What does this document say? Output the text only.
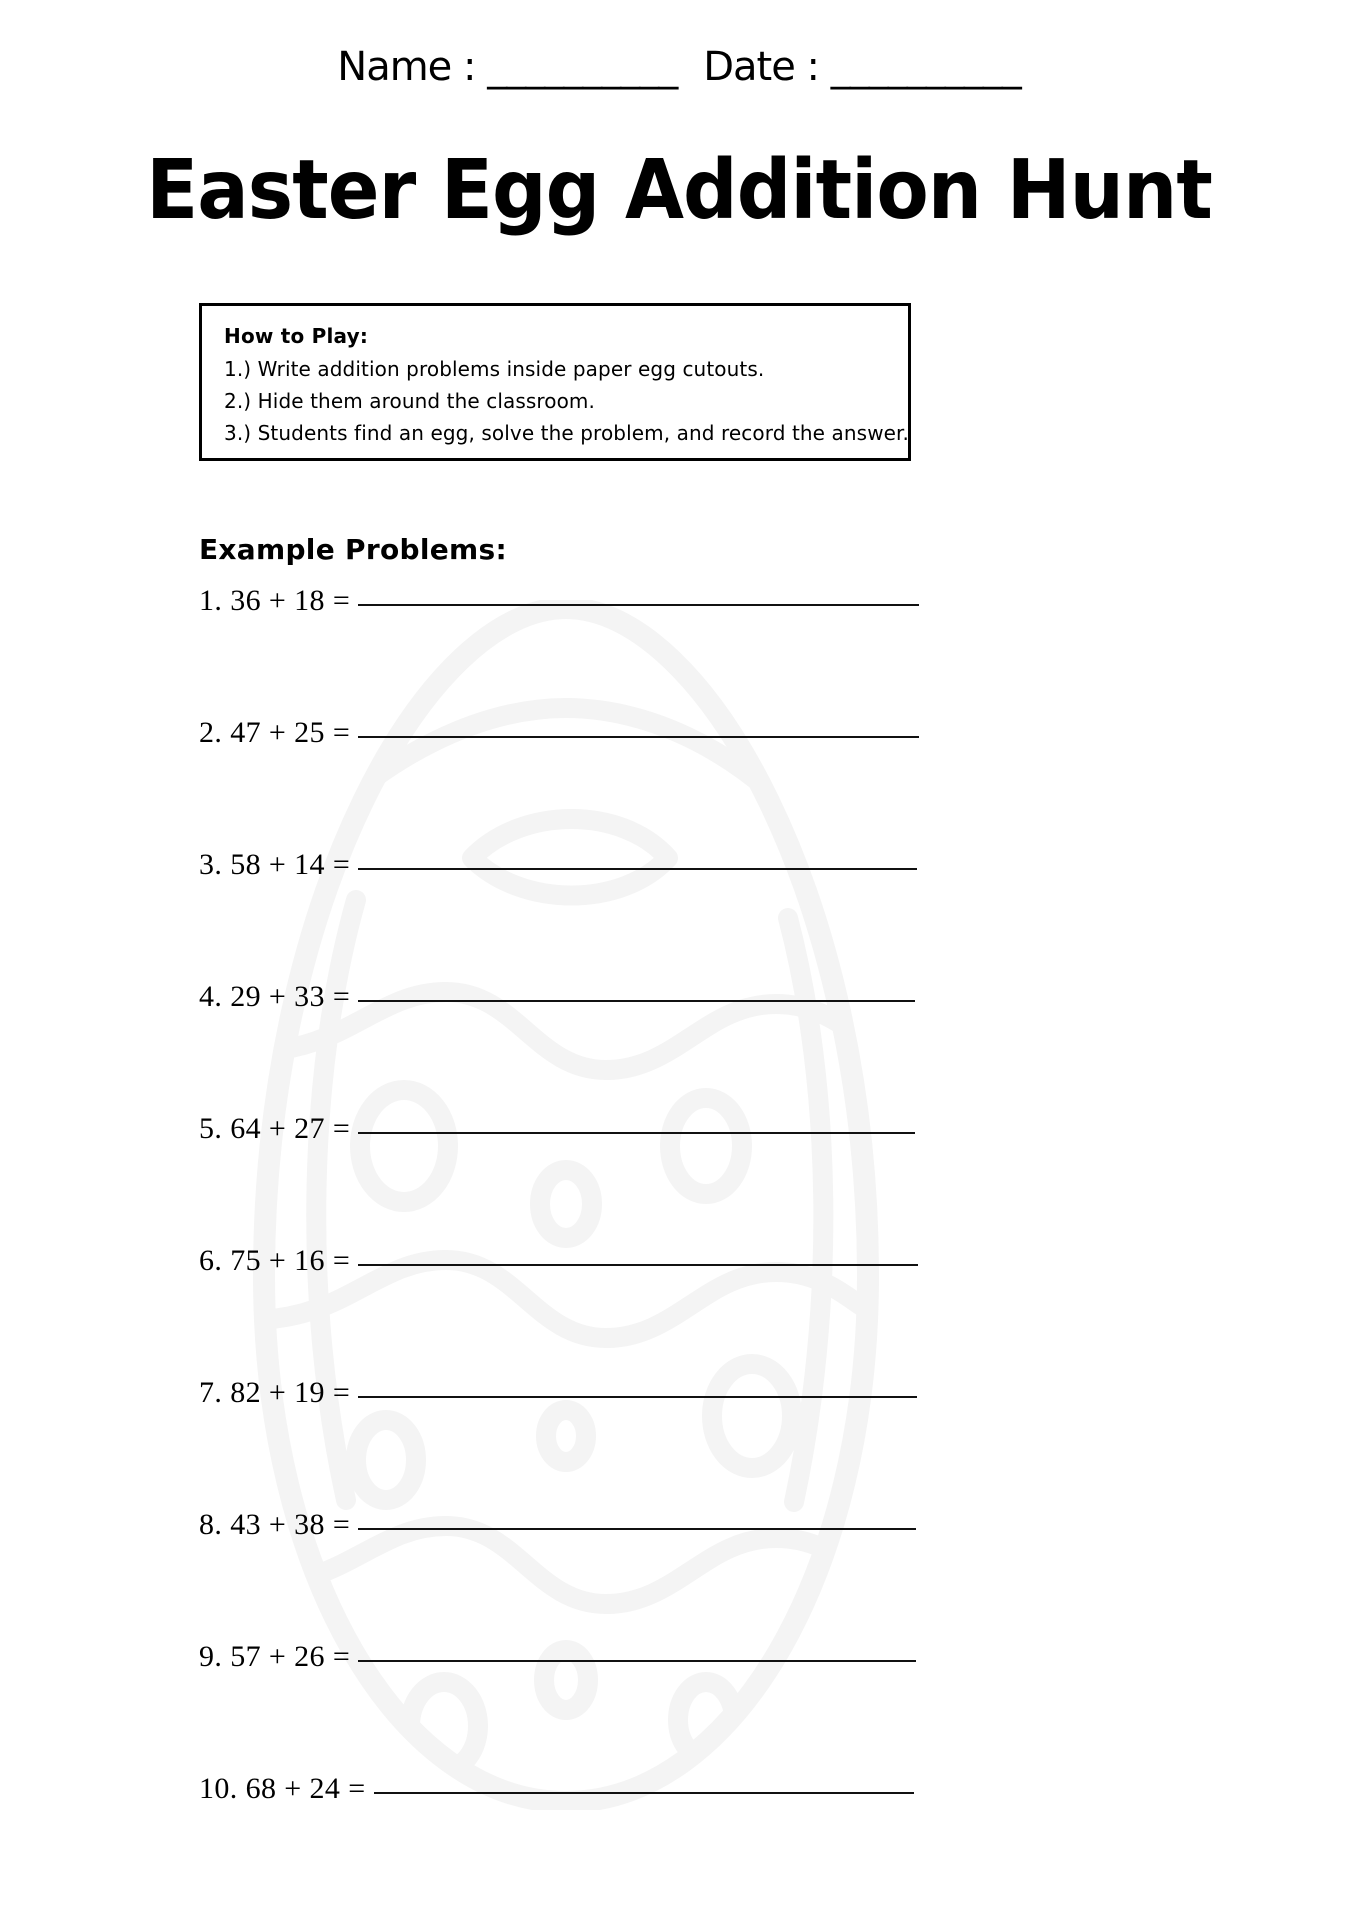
Name : __________ Date : __________
Easter Egg Addition Hunt
How to Play:
1.) Write addition problems inside paper egg cutouts.
2.) Hide them around the classroom.
3.) Students find an egg, solve the problem, and record the answer.
Example Problems:
1. 36 + 18 =
2. 47 + 25 =
3. 58 + 14 =
4. 29 + 33 =
5. 64 + 27 =
6. 75 + 16 =
7. 82 + 19 =
8. 43 + 38 =
9. 57 + 26 =
10. 68 + 24 =
